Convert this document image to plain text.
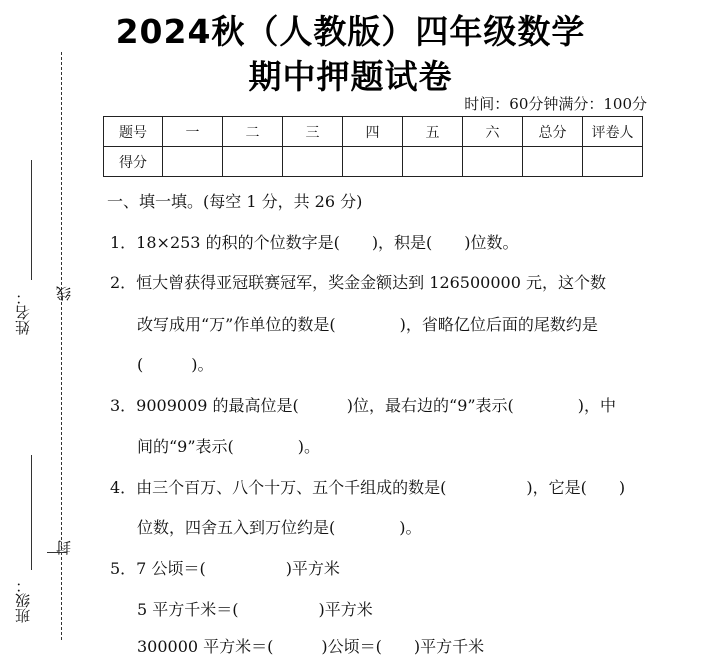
2024秋（人教版）四年级数学
期中押题试卷
时间：60分钟满分：100分
题号	一	二	三	四	五	六	总分	评卷人
得分								
姓名： 线
封
班级：
一、填一填。(每空 1 分，共 26 分)
1．18×253 的积的个位数字是(　　)，积是(　　)位数。
2．恒大曾获得亚冠联赛冠军，奖金金额达到 126500000 元，这个数
改写成用“万”作单位的数是(　　　　)，省略亿位后面的尾数约是
(　　　)。
3．9009009 的最高位是(　　　)位，最右边的“9”表示(　　　　)，中
间的“9”表示(　　　　)。
4．由三个百万、八个十万、五个千组成的数是(　　　　　)，它是(　　)
位数，四舍五入到万位约是(　　　　)。
5．7 公顷＝(　　　　　)平方米
5 平方千米＝(　　　　　)平方米
300000 平方米＝(　　　)公顷＝(　　)平方千米
